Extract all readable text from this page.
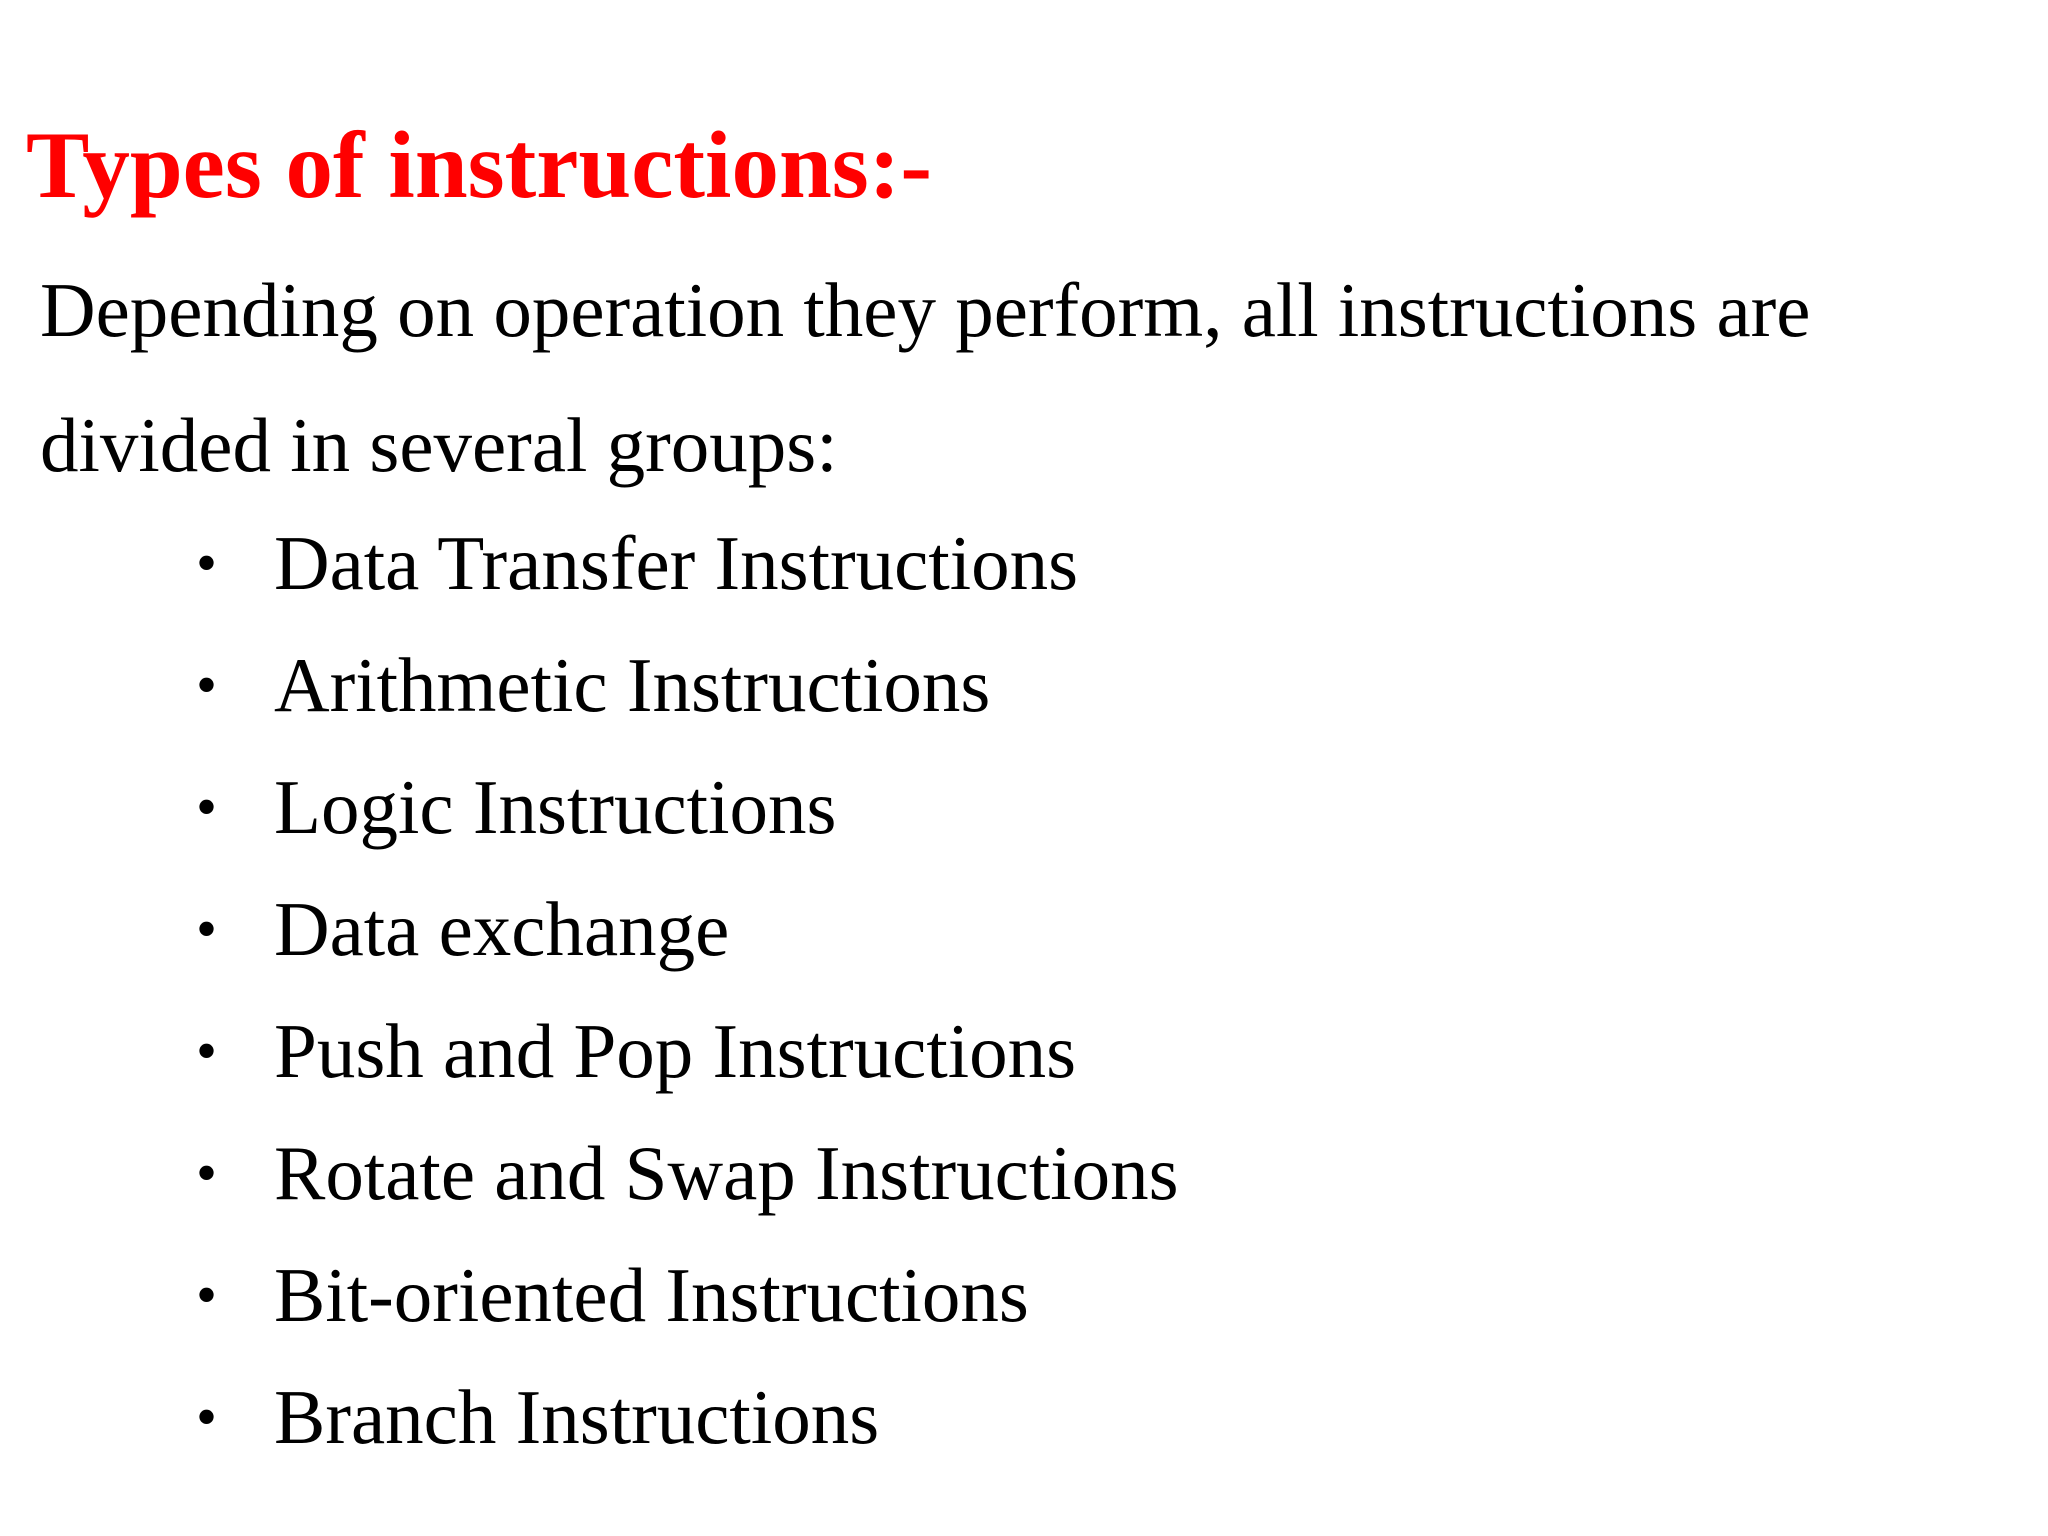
Types of instructions:-

Depending on operation they perform, all instructions are

divided in several groups:

• Data Transfer Instructions
• Arithmetic Instructions
• Logic Instructions
• Data exchange
• Push and Pop Instructions
• Rotate and Swap Instructions
• Bit-oriented Instructions
• Branch Instructions
